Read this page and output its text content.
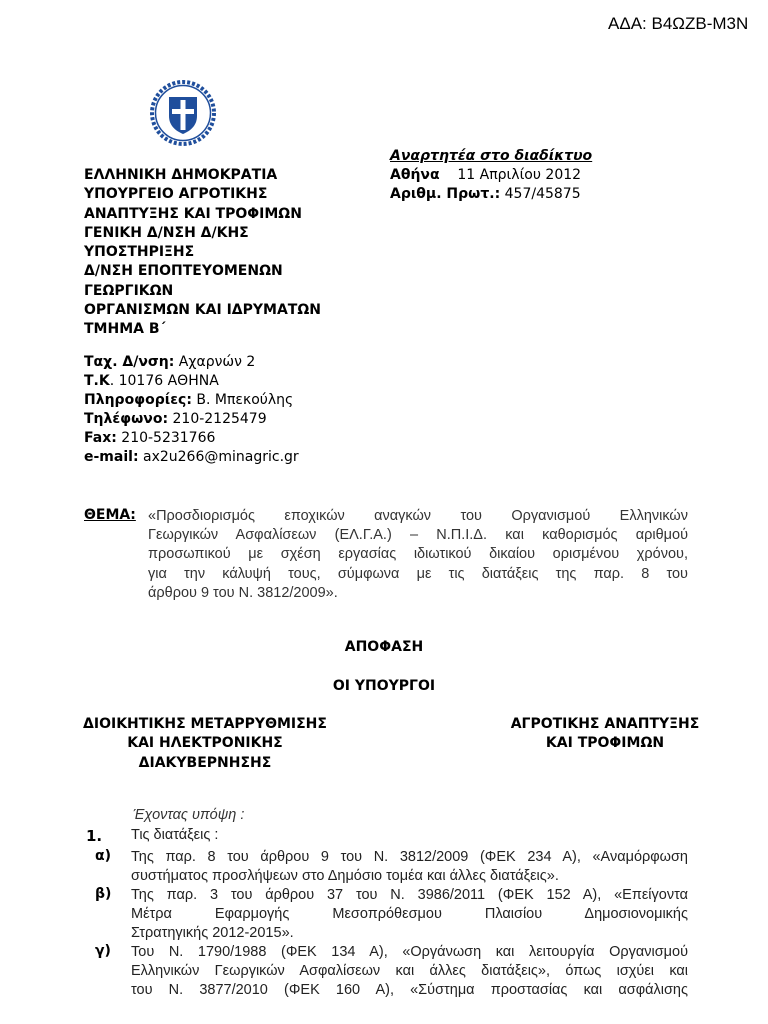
ΑΔΑ: Β4ΩΖΒ-Μ3Ν
ΕΛΛΗΝΙΚΗ ΔΗΜΟΚΡΑΤΙΑ
ΥΠΟΥΡΓΕΙΟ ΑΓΡΟΤΙΚΗΣ
ΑΝΑΠΤΥΞΗΣ ΚΑΙ ΤΡΟΦΙΜΩΝ
ΓΕΝΙΚΗ Δ/ΝΣΗ Δ/ΚΗΣ
ΥΠΟΣΤΗΡΙΞΗΣ
Δ/ΝΣΗ ΕΠΟΠΤΕΥΟΜΕΝΩΝ
ΓΕΩΡΓΙΚΩΝ
ΟΡΓΑΝΙΣΜΩΝ ΚΑΙ ΙΔΡΥΜΑΤΩΝ
ΤΜΗΜΑ Β΄
Αναρτητέα στο διαδίκτυο
Αθήνα 11 Απριλίου 2012
Αριθμ. Πρωτ.: 457/45875
Ταχ. Δ/νση: Αχαρνών 2
Τ.Κ. 10176 ΑΘΗΝΑ
Πληροφορίες: Β. Μπεκούλης
Τηλέφωνο: 210-2125479
Fax: 210-5231766
e-mail: ax2u266@minagric.gr
ΘΕΜΑ: «Προσδιορισμός εποχικών αναγκών του Οργανισμού Ελληνικών
Γεωργικών Ασφαλίσεων (ΕΛ.Γ.Α.) – Ν.Π.Ι.Δ. και καθορισμός αριθμού
προσωπικού με σχέση εργασίας ιδιωτικού δικαίου ορισμένου χρόνου,
για την κάλυψή τους, σύμφωνα με τις διατάξεις της παρ. 8 του
άρθρου 9 του Ν. 3812/2009».
ΑΠΟΦΑΣΗ
ΟΙ ΥΠΟΥΡΓΟΙ
ΔΙΟΙΚΗΤΙΚΗΣ ΜΕΤΑΡΡΥΘΜΙΣΗΣ
ΚΑΙ ΗΛΕΚΤΡΟΝΙΚΗΣ
ΔΙΑΚΥΒΕΡΝΗΣΗΣ
ΑΓΡΟΤΙΚΗΣ ΑΝΑΠΤΥΞΗΣ
ΚΑΙ ΤΡΟΦΙΜΩΝ
Έχοντας υπόψη :
1. Τις διατάξεις :
α) Της παρ. 8 του άρθρου 9 του Ν. 3812/2009 (ΦΕΚ 234 Α), «Αναμόρφωση
συστήματος προσλήψεων στο Δημόσιο τομέα και άλλες διατάξεις».
β) Της παρ. 3 του άρθρου 37 του Ν. 3986/2011 (ΦΕΚ 152 Α), «Επείγοντα
Μέτρα Εφαρμογής Μεσοπρόθεσμου Πλαισίου Δημοσιονομικής
Στρατηγικής 2012-2015».
γ) Του Ν. 1790/1988 (ΦΕΚ 134 Α), «Οργάνωση και λειτουργία Οργανισμού
Ελληνικών Γεωργικών Ασφαλίσεων και άλλες διατάξεις», όπως ισχύει και
του Ν. 3877/2010 (ΦΕΚ 160 Α), «Σύστημα προστασίας και ασφάλισης
